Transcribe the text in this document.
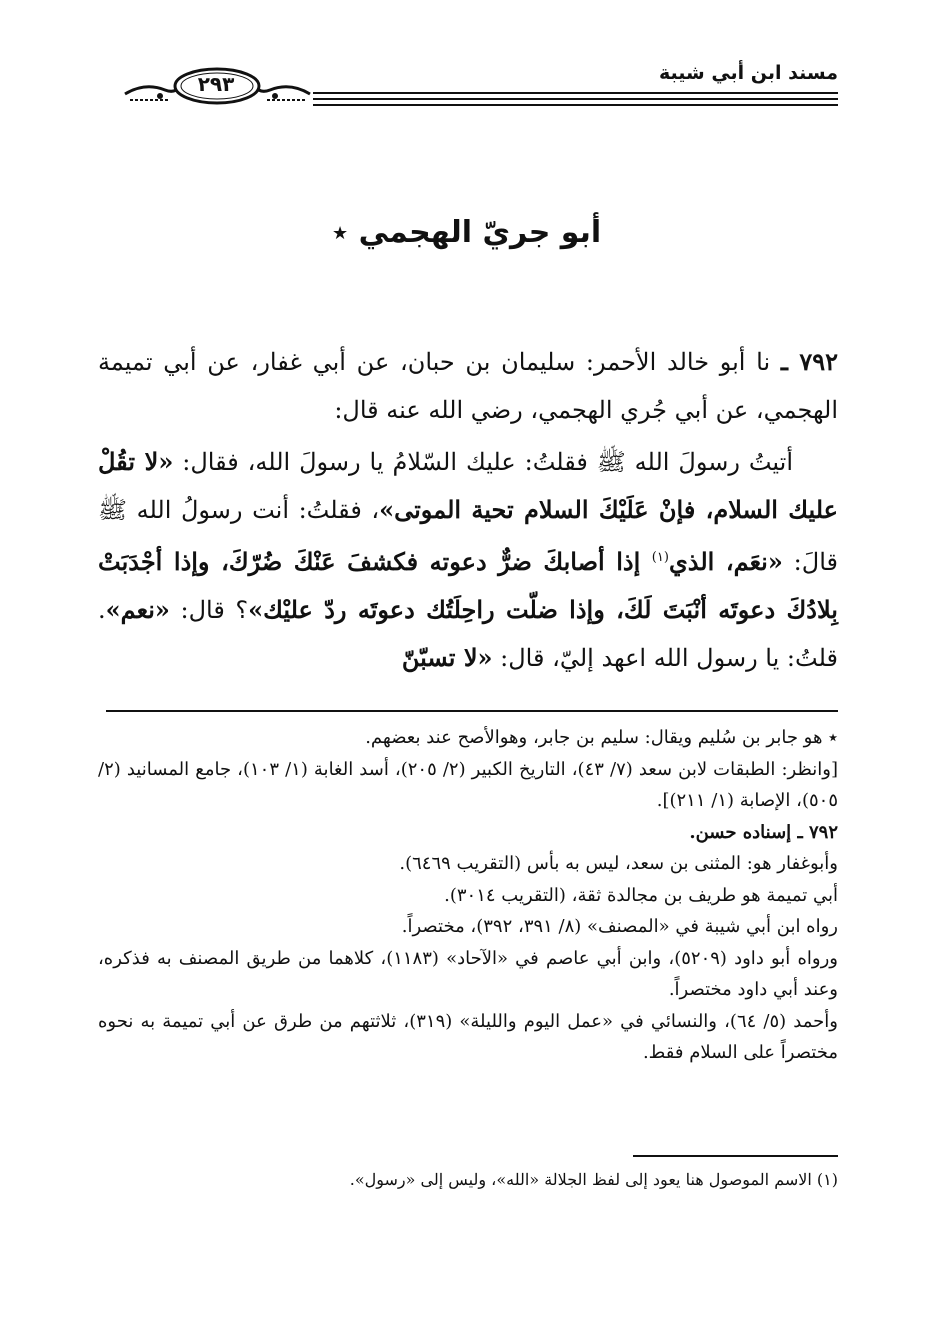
مسند ابن أبي شيبة
٢٩٣
أبو جريّ الهجمي ٭

٧٩٢ ـ نا أبو خالد الأحمر: سليمان بن حبان، عن أبي غفار، عن أبي تميمة الهجمي، عن أبي جُري الهجمي، رضي الله عنه قال:

أتيتُ رسولَ الله ﷺ فقلتُ: عليك السّلامُ يا رسولَ الله، فقال: «لا تقُلْ عليك السلام، فإنْ عَلَيْكَ السلام تحية الموتى»، فقلتُ: أنت رسولُ الله ﷺ قالَ: «نعَم، الذي$^{(١)}$ إذا أصابكَ ضرٌّ دعوته فكشفَ عَنْكَ ضُرّكَ، وإذا أجْدَبَتْ بِلادُكَ دعوتَه أنْبَتَ لَكَ، وإذا ضلّت راحِلَتُك دعوتَه ردّ عليْك»؟ قال: «نعم». قلتُ: يا رسول الله اعهد إليّ، قال: «لا تسبّنّ

٭ هو جابر بن سُليم ويقال: سليم بن جابر، وهوالأصح عند بعضهم.

[وانظر: الطبقات لابن سعد (٧/ ٤٣)، التاريخ الكبير (٢/ ٢٠٥)، أسد الغابة (١/ ١٠٣)، جامع المسانيد (٢/ ٥٠٥)، الإصابة (١/ ٢١١)].

٧٩٢ ـ إسناده حسن.

وأبوغفار هو: المثنى بن سعد، ليس به بأس (التقريب ٦٤٦٩).

أبي تميمة هو طريف بن مجالدة ثقة، (التقريب ٣٠١٤).

رواه ابن أبي شيبة في «المصنف» (٨/ ٣٩١، ٣٩٢)، مختصراً.

ورواه أبو داود (٥٢٠٩)، وابن أبي عاصم في «الآحاد» (١١٨٣)، كلاهما من طريق المصنف به فذكره، وعند أبي داود مختصراً.

وأحمد (٥/ ٦٤)، والنسائي في «عمل اليوم والليلة» (٣١٩)، ثلاثتهم من طرق عن أبي تميمة به نحوه مختصراً على السلام فقط.

(١) الاسم الموصول هنا يعود إلى لفظ الجلالة «الله»، وليس إلى «رسول».
